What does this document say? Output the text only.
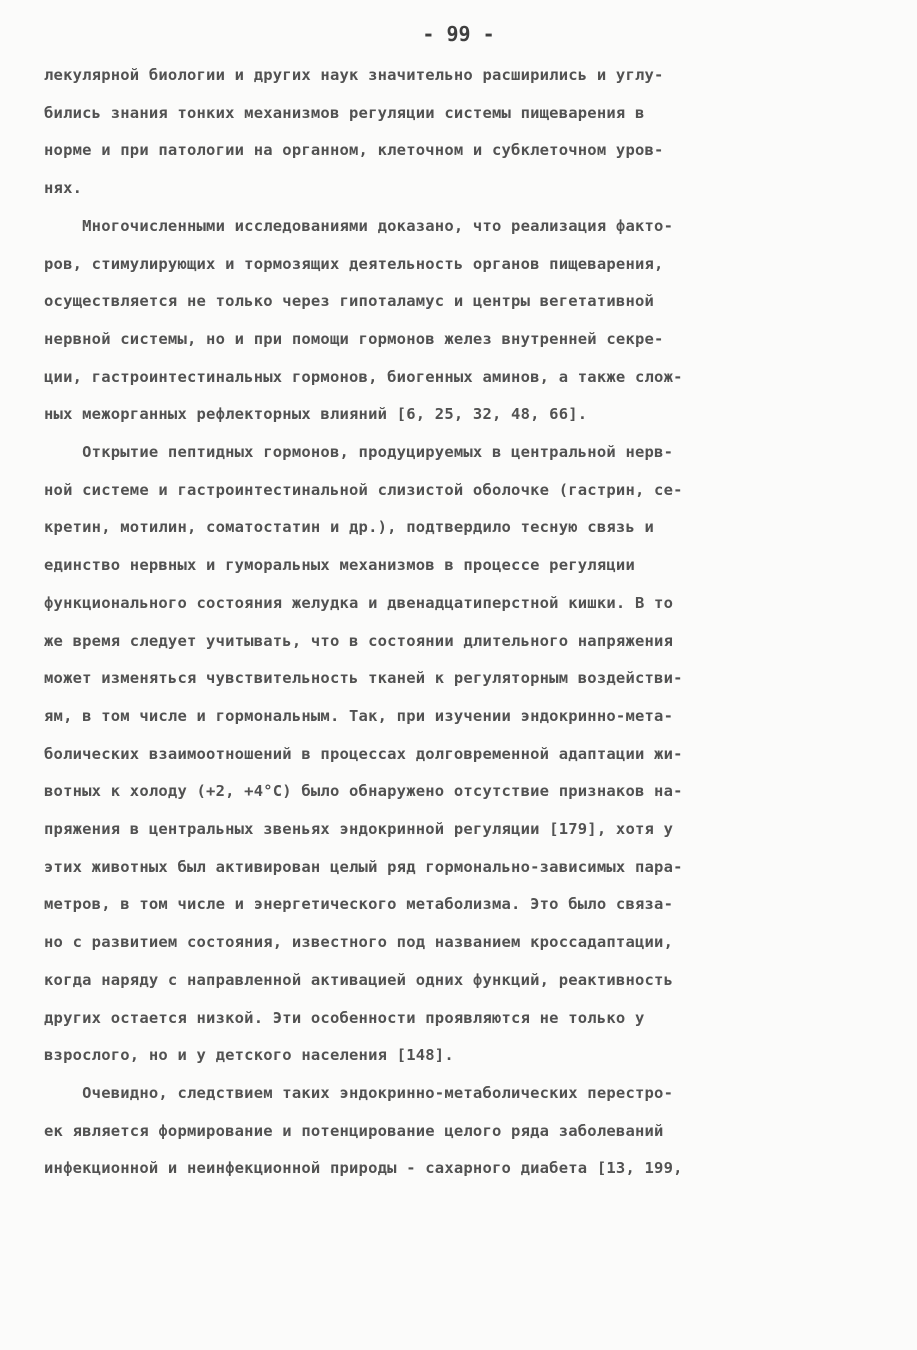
- 99 -
лекулярной биологии и других наук значительно расширились и углу-
бились знания тонких механизмов регуляции системы пищеварения в
норме и при патологии на органном, клеточном и субклеточном уров-
нях.
Многочисленными исследованиями доказано, что реализация факто-
ров, стимулирующих и тормозящих деятельность органов пищеварения,
осуществляется не только через гипоталамус и центры вегетативной
нервной системы, но и при помощи гормонов желез внутренней секре-
ции, гастроинтестинальных гормонов, биогенных аминов, а также слож-
ных межорганных рефлекторных влияний [6, 25, 32, 48, 66].
Открытие пептидных гормонов, продуцируемых в центральной нерв-
ной системе и гастроинтестинальной слизистой оболочке (гастрин, се-
кретин, мотилин, соматостатин и др.), подтвердило тесную связь и
единство нервных и гуморальных механизмов в процессе регуляции
функционального состояния желудка и двенадцатиперстной кишки. В то
же время следует учитывать, что в состоянии длительного напряжения
может изменяться чувствительность тканей к регуляторным воздействи-
ям, в том числе и гормональным. Так, при изучении эндокринно-мета-
болических взаимоотношений в процессах долговременной адаптации жи-
вотных к холоду (+2, +4°С) было обнаружено отсутствие признаков на-
пряжения в центральных звеньях эндокринной регуляции [179], хотя у
этих животных был активирован целый ряд гормонально-зависимых пара-
метров, в том числе и энергетического метаболизма. Это было связа-
но с развитием состояния, известного под названием кроссадаптации,
когда наряду с направленной активацией одних функций, реактивность
других остается низкой. Эти особенности проявляются не только у
взрослого, но и у детского населения [148].
Очевидно, следствием таких эндокринно-метаболических перестро-
ек является формирование и потенцирование целого ряда заболеваний
инфекционной и неинфекционной природы - сахарного диабета [13, 199,
